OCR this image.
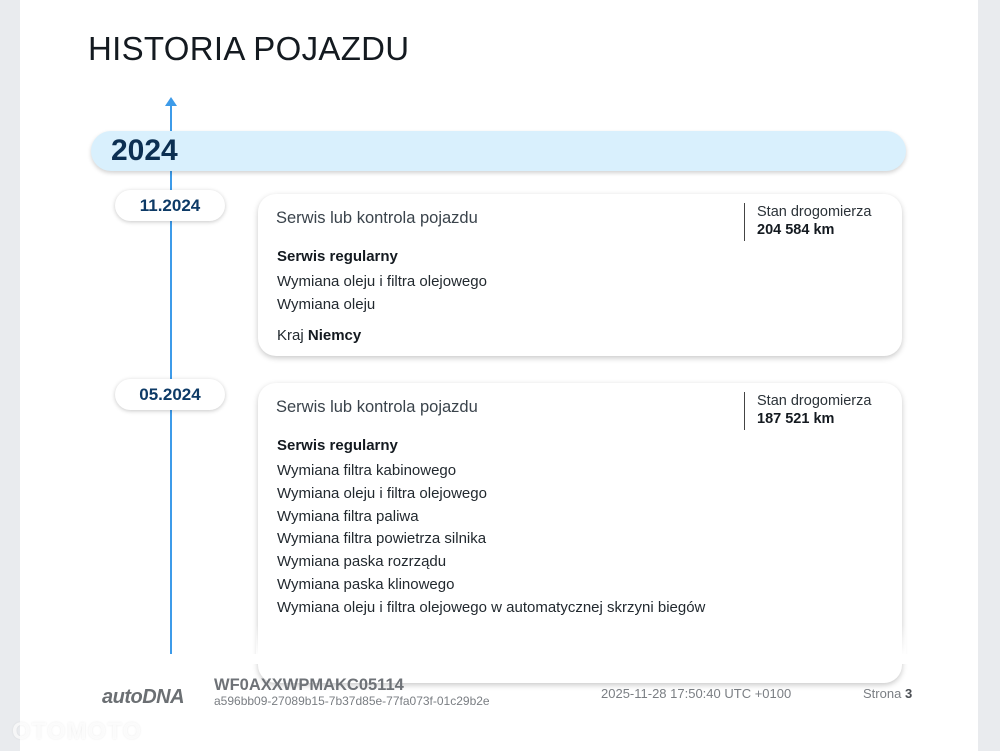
HISTORIA POJAZDU
2024
11.2024
Serwis lub kontrola pojazdu	Stan drogomierza
204 584 km
Serwis regularny
Wymiana oleju i filtra olejowego
Wymiana oleju
Kraj Niemcy
05.2024
Serwis lub kontrola pojazdu	Stan drogomierza
187 521 km
Serwis regularny
Wymiana filtra kabinowego
Wymiana oleju i filtra olejowego
Wymiana filtra paliwa
Wymiana filtra powietrza silnika
Wymiana paska rozrządu
Wymiana paska klinowego
Wymiana oleju i filtra olejowego w automatycznej skrzyni biegów
autoDNA
WF0AXXWPMAKC05114
a596bb09-27089b15-7b37d85e-77fa073f-01c29b2e	2025-11-28 17:50:40 UTC +0100	Strona 3
OTOMOTO
